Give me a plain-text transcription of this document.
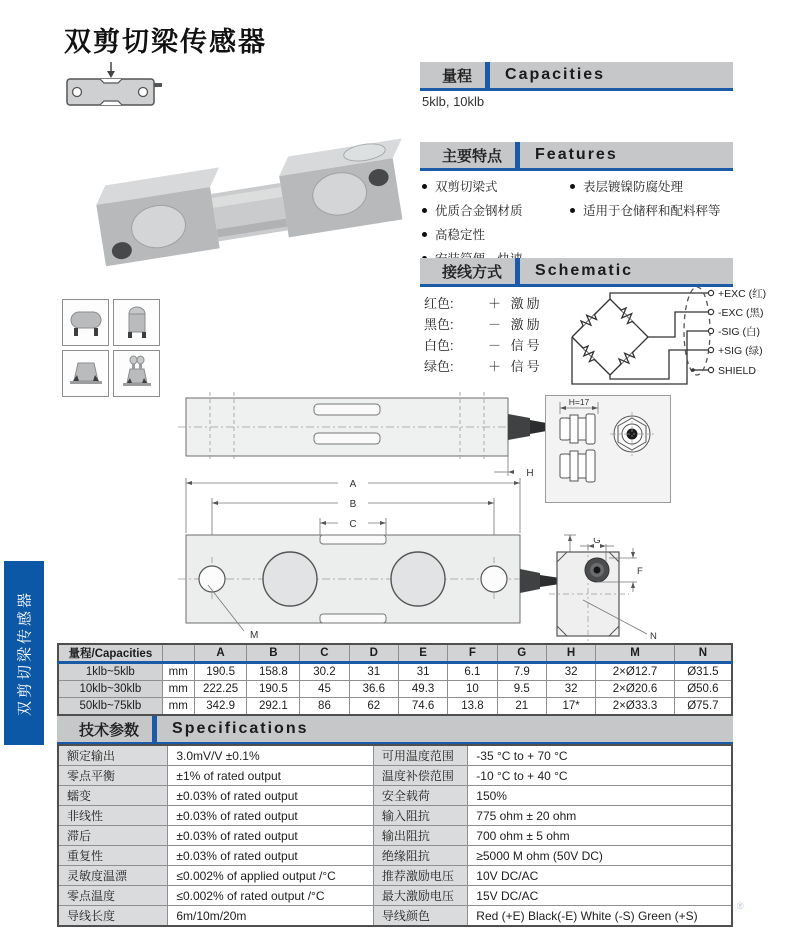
双剪切梁传感器
量程	Capacities
5klb, 10klb
主要特点	Features
双剪切梁式
优质合金钢材质
高稳定性
表层镀镍防腐处理
适用于仓储秤和配料秤等
接线方式	Schematic
红色:	＋ 激励
黑色:	－ 激励
白色:	－ 信号
绿色:	＋ 信号
+EXC (红)
-EXC (黑)
-SIG (白)
+SIG (绿)
SHIELD
H
H=17
A
B
C
M
G
F
N
量程/Capacities		A	B	C	D	E	F	G	H	M	N
1klb~5klb	mm	190.5	158.8	30.2	31	31	6.1	7.9	32	2×Ø12.7	Ø31.5
10klb~30klb	mm	222.25	190.5	45	36.6	49.3	10	9.5	32	2×Ø20.6	Ø50.6
50klb~75klb	mm	342.9	292.1	86	62	74.6	13.8	21	17*	2×Ø33.3	Ø75.7
技术参数	Specifications
额定输出	3.0mV/V ±0.1%	可用温度范围	-35 °C to + 70 °C
零点平衡	±1% of rated output	温度补偿范围	-10 °C to + 40 °C
蠕变	±0.03% of rated output	安全载荷	150%
非线性	±0.03% of rated output	输入阻抗	775 ohm ± 20 ohm
滞后	±0.03% of rated output	输出阻抗	700 ohm ± 5 ohm
重复性	±0.03% of rated output	绝缘阻抗	≥5000 M ohm (50V DC)
灵敏度温漂	≤0.002% of applied output /°C	推荐激励电压	10V DC/AC
零点温度	≤0.002% of rated output /°C	最大激励电压	15V DC/AC
导线长度	6m/10m/20m	导线颜色	Red (+E) Black(-E) White (-S) Green (+S)
双剪切梁传感器
®
